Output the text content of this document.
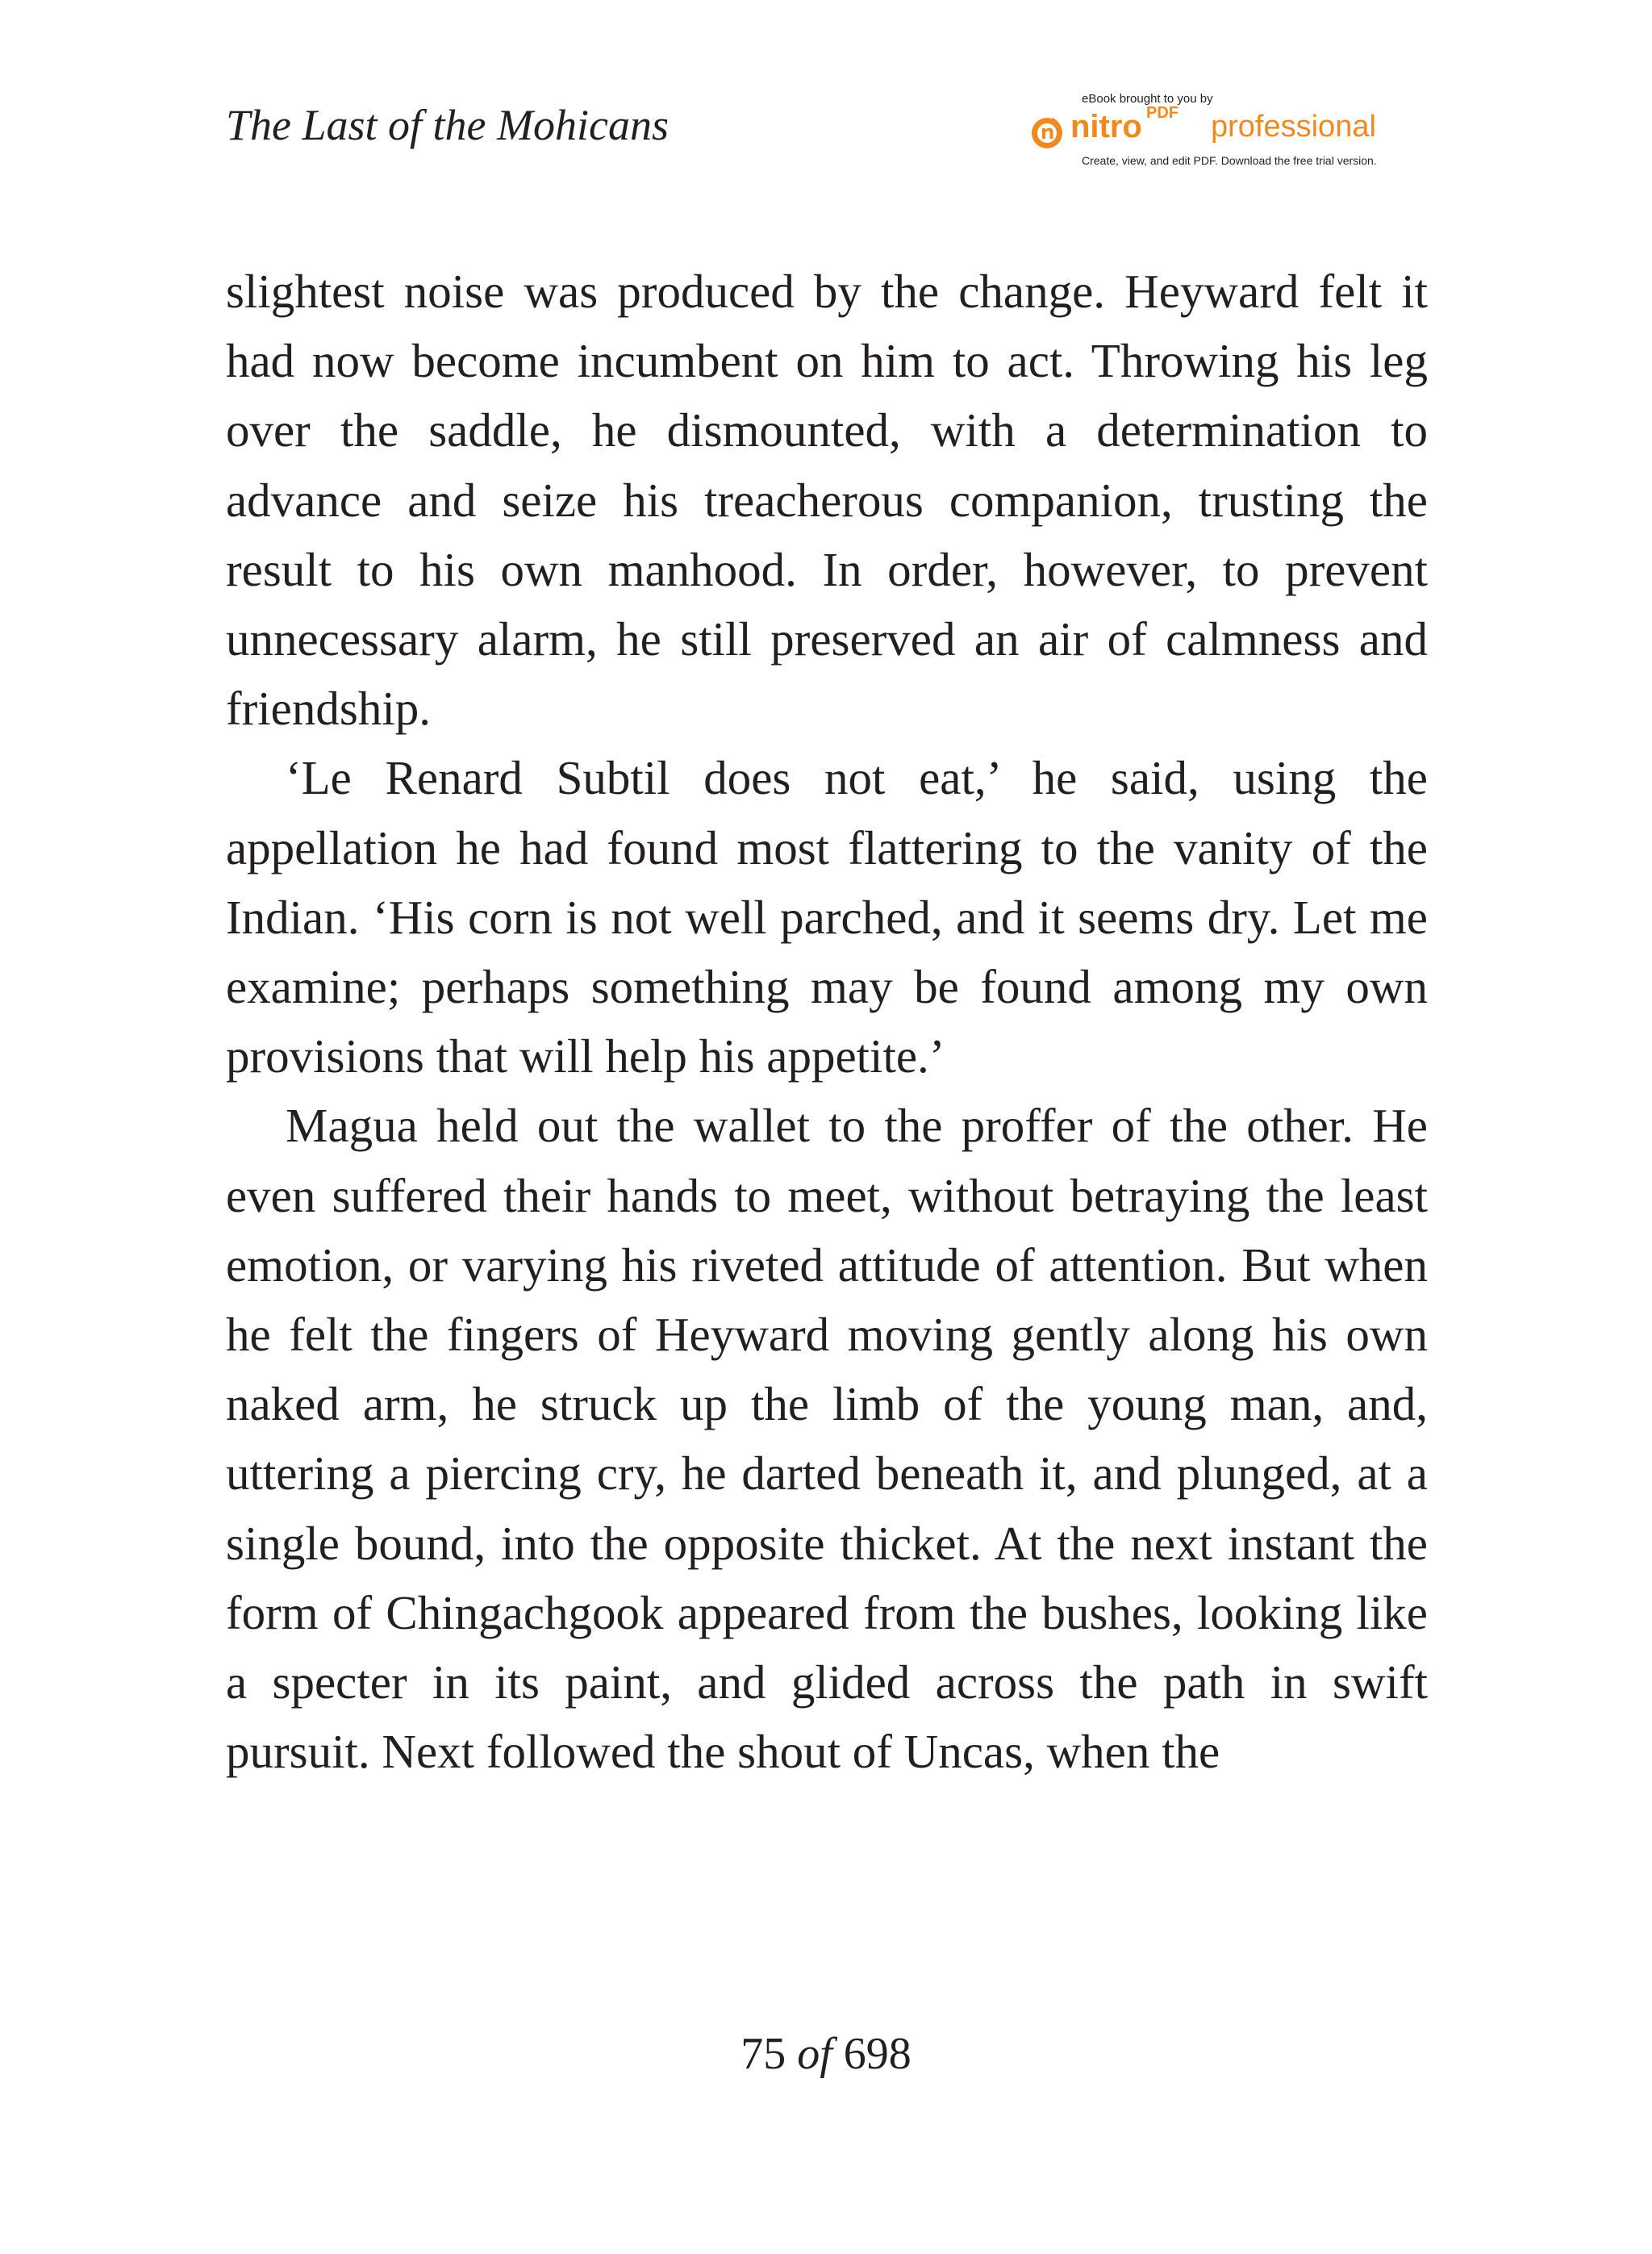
The Last of the Mohicans
eBook brought to you by
nitro PDF professional
Create, view, and edit PDF. Download the free trial version.

slightest noise was produced by the change. Heyward felt it had now become incumbent on him to act. Throwing his leg over the saddle, he dismounted, with a determination to advance and seize his treacherous companion, trusting the result to his own manhood. In order, however, to prevent unnecessary alarm, he still preserved an air of calmness and friendship.

‘Le Renard Subtil does not eat,’ he said, using the appellation he had found most flattering to the vanity of the Indian. ‘His corn is not well parched, and it seems dry. Let me examine; perhaps something may be found among my own provisions that will help his appetite.’

Magua held out the wallet to the proffer of the other. He even suffered their hands to meet, without betraying the least emotion, or varying his riveted attitude of attention. But when he felt the fingers of Heyward moving gently along his own naked arm, he struck up the limb of the young man, and, uttering a piercing cry, he darted beneath it, and plunged, at a single bound, into the opposite thicket. At the next instant the form of Chingachgook appeared from the bushes, looking like a specter in its paint, and glided across the path in swift pursuit. Next followed the shout of Uncas, when the

75 of 698
